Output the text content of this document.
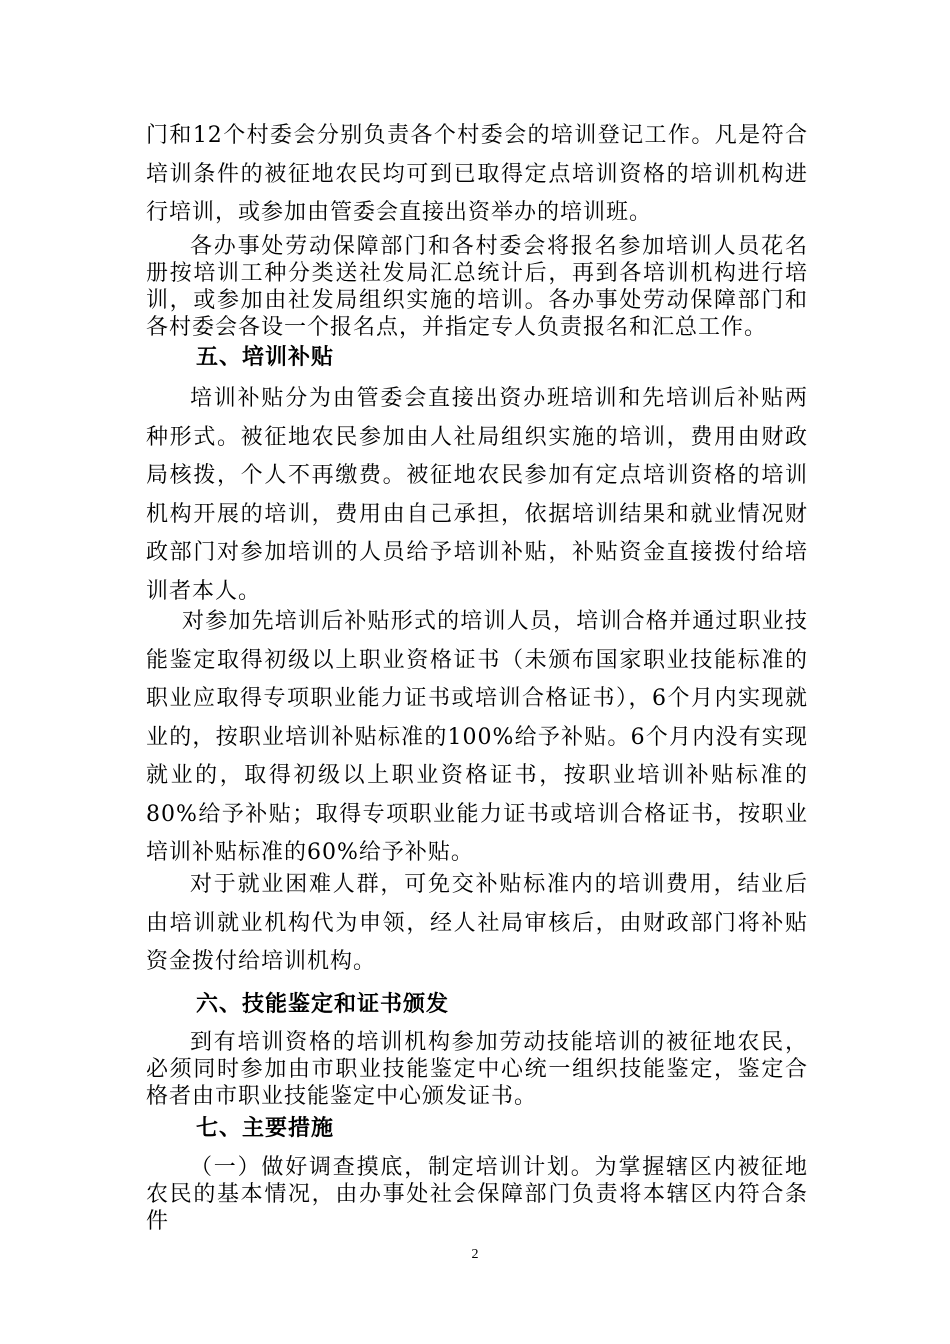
门和12个村委会分别负责各个村委会的培训登记工作。凡是符合培训条件的被征地农民均可到已取得定点培训资格的培训机构进行培训，或参加由管委会直接出资举办的培训班。

各办事处劳动保障部门和各村委会将报名参加培训人员花名册按培训工种分类送社发局汇总统计后，再到各培训机构进行培训，或参加由社发局组织实施的培训。各办事处劳动保障部门和各村委会各设一个报名点，并指定专人负责报名和汇总工作。

五、培训补贴

培训补贴分为由管委会直接出资办班培训和先培训后补贴两种形式。被征地农民参加由人社局组织实施的培训，费用由财政局核拨，个人不再缴费。被征地农民参加有定点培训资格的培训机构开展的培训，费用由自己承担，依据培训结果和就业情况财政部门对参加培训的人员给予培训补贴，补贴资金直接拨付给培训者本人。

对参加先培训后补贴形式的培训人员，培训合格并通过职业技能鉴定取得初级以上职业资格证书（未颁布国家职业技能标准的职业应取得专项职业能力证书或培训合格证书），6个月内实现就业的，按职业培训补贴标准的100%给予补贴。6个月内没有实现就业的，取得初级以上职业资格证书，按职业培训补贴标准的80%给予补贴；取得专项职业能力证书或培训合格证书，按职业培训补贴标准的60%给予补贴。

对于就业困难人群，可免交补贴标准内的培训费用，结业后由培训就业机构代为申领，经人社局审核后，由财政部门将补贴资金拨付给培训机构。

六、技能鉴定和证书颁发

到有培训资格的培训机构参加劳动技能培训的被征地农民，必须同时参加由市职业技能鉴定中心统一组织技能鉴定，鉴定合格者由市职业技能鉴定中心颁发证书。

七、主要措施

（一）做好调查摸底，制定培训计划。为掌握辖区内被征地农民的基本情况，由办事处社会保障部门负责将本辖区内符合条件

2
